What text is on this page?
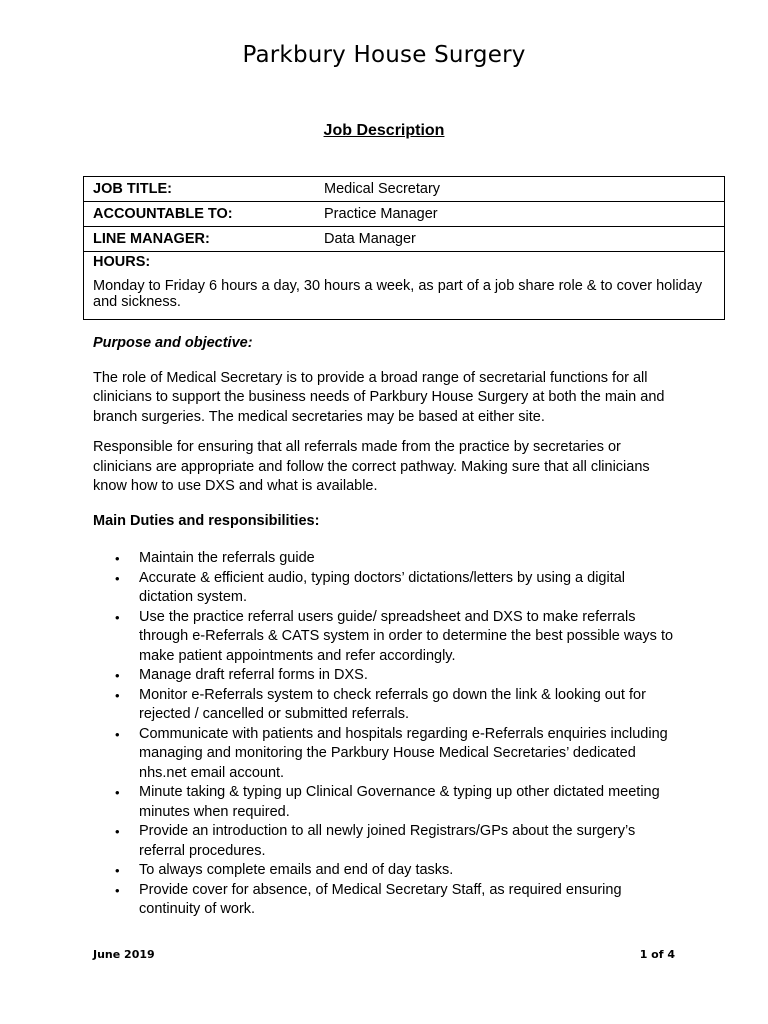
Parkbury House Surgery
Job Description
JOB TITLE:	Medical Secretary
ACCOUNTABLE TO:	Practice Manager
LINE MANAGER:	Data Manager

HOURS:
Monday to Friday 6 hours a day, 30 hours a week, as part of a job share role & to cover holiday and sickness.	

Purpose and objective:

The role of Medical Secretary is to provide a broad range of secretarial functions for all clinicians to support the business needs of Parkbury House Surgery at both the main and branch surgeries. The medical secretaries may be based at either site.

Responsible for ensuring that all referrals made from the practice by secretaries or clinicians are appropriate and follow the correct pathway. Making sure that all clinicians know how to use DXS and what is available.

Main Duties and responsibilities:

• Maintain the referrals guide
• Accurate & efficient audio, typing doctors’ dictations/letters by using a digital dictation system.
• Use the practice referral users guide/ spreadsheet and DXS to make referrals through e-Referrals & CATS system in order to determine the best possible ways to make patient appointments and refer accordingly.
• Manage draft referral forms in DXS.
• Monitor e-Referrals system to check referrals go down the link & looking out for rejected / cancelled or submitted referrals.
• Communicate with patients and hospitals regarding e-Referrals enquiries including managing and monitoring the Parkbury House Medical Secretaries’ dedicated nhs.net email account.
• Minute taking & typing up Clinical Governance & typing up other dictated meeting minutes when required.
• Provide an introduction to all newly joined Registrars/GPs about the surgery’s referral procedures.
• To always complete emails and end of day tasks.
• Provide cover for absence, of Medical Secretary Staff, as required ensuring continuity of work.
June 2019	1 of 4
